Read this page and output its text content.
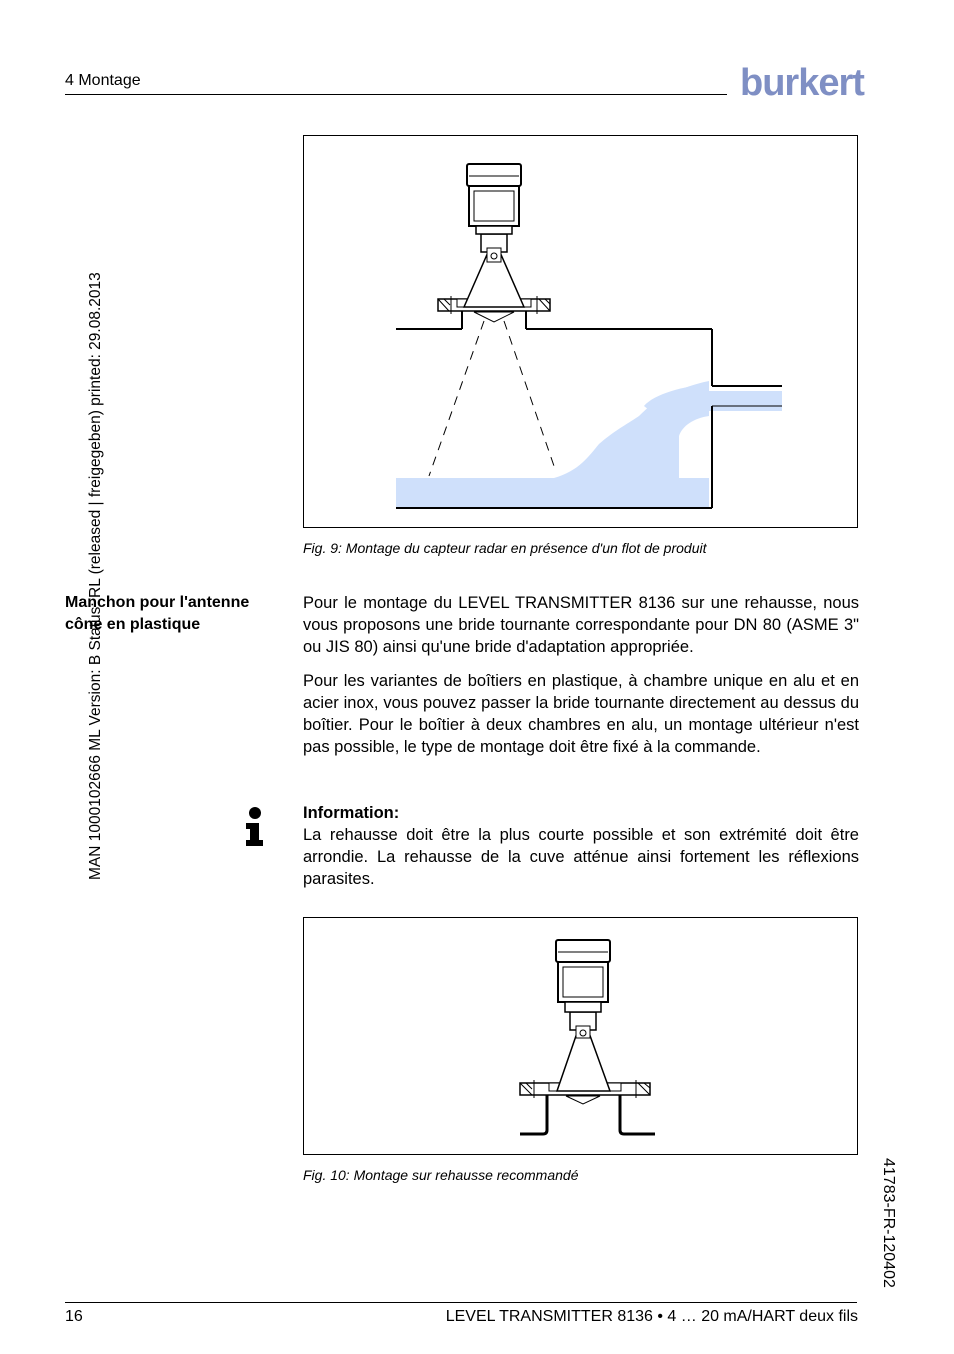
4 Montage	burkert
MAN 1000102666 ML Version: B Status: RL (released | freigegeben) printed: 29.08.2013	Fig. 9: Montage du capteur radar en présence d'un flot de produit
Manchon pour l'antenne cône en plastique
Pour le montage du LEVEL TRANSMITTER 8136 sur une rehausse, nous vous proposons une bride tournante correspondante pour DN 80 (ASME 3" ou JIS 80) ainsi qu'une bride d'adaptation appropriée.
Pour les variantes de boîtiers en plastique, à chambre unique en alu et en acier inox, vous pouvez passer la bride tournante directement au dessus du boîtier. Pour le boîtier à deux chambres en alu, un montage ultérieur n'est pas possible, le type de montage doit être fixé à la commande.
Information:
La rehausse doit être la plus courte possible et son extrémité doit être arrondie. La rehausse de la cuve atténue ainsi fortement les réflexions parasites.
Fig. 10: Montage sur rehausse recommandé	41783-FR-120402
16	LEVEL TRANSMITTER 8136 • 4 … 20 mA/HART deux fils
